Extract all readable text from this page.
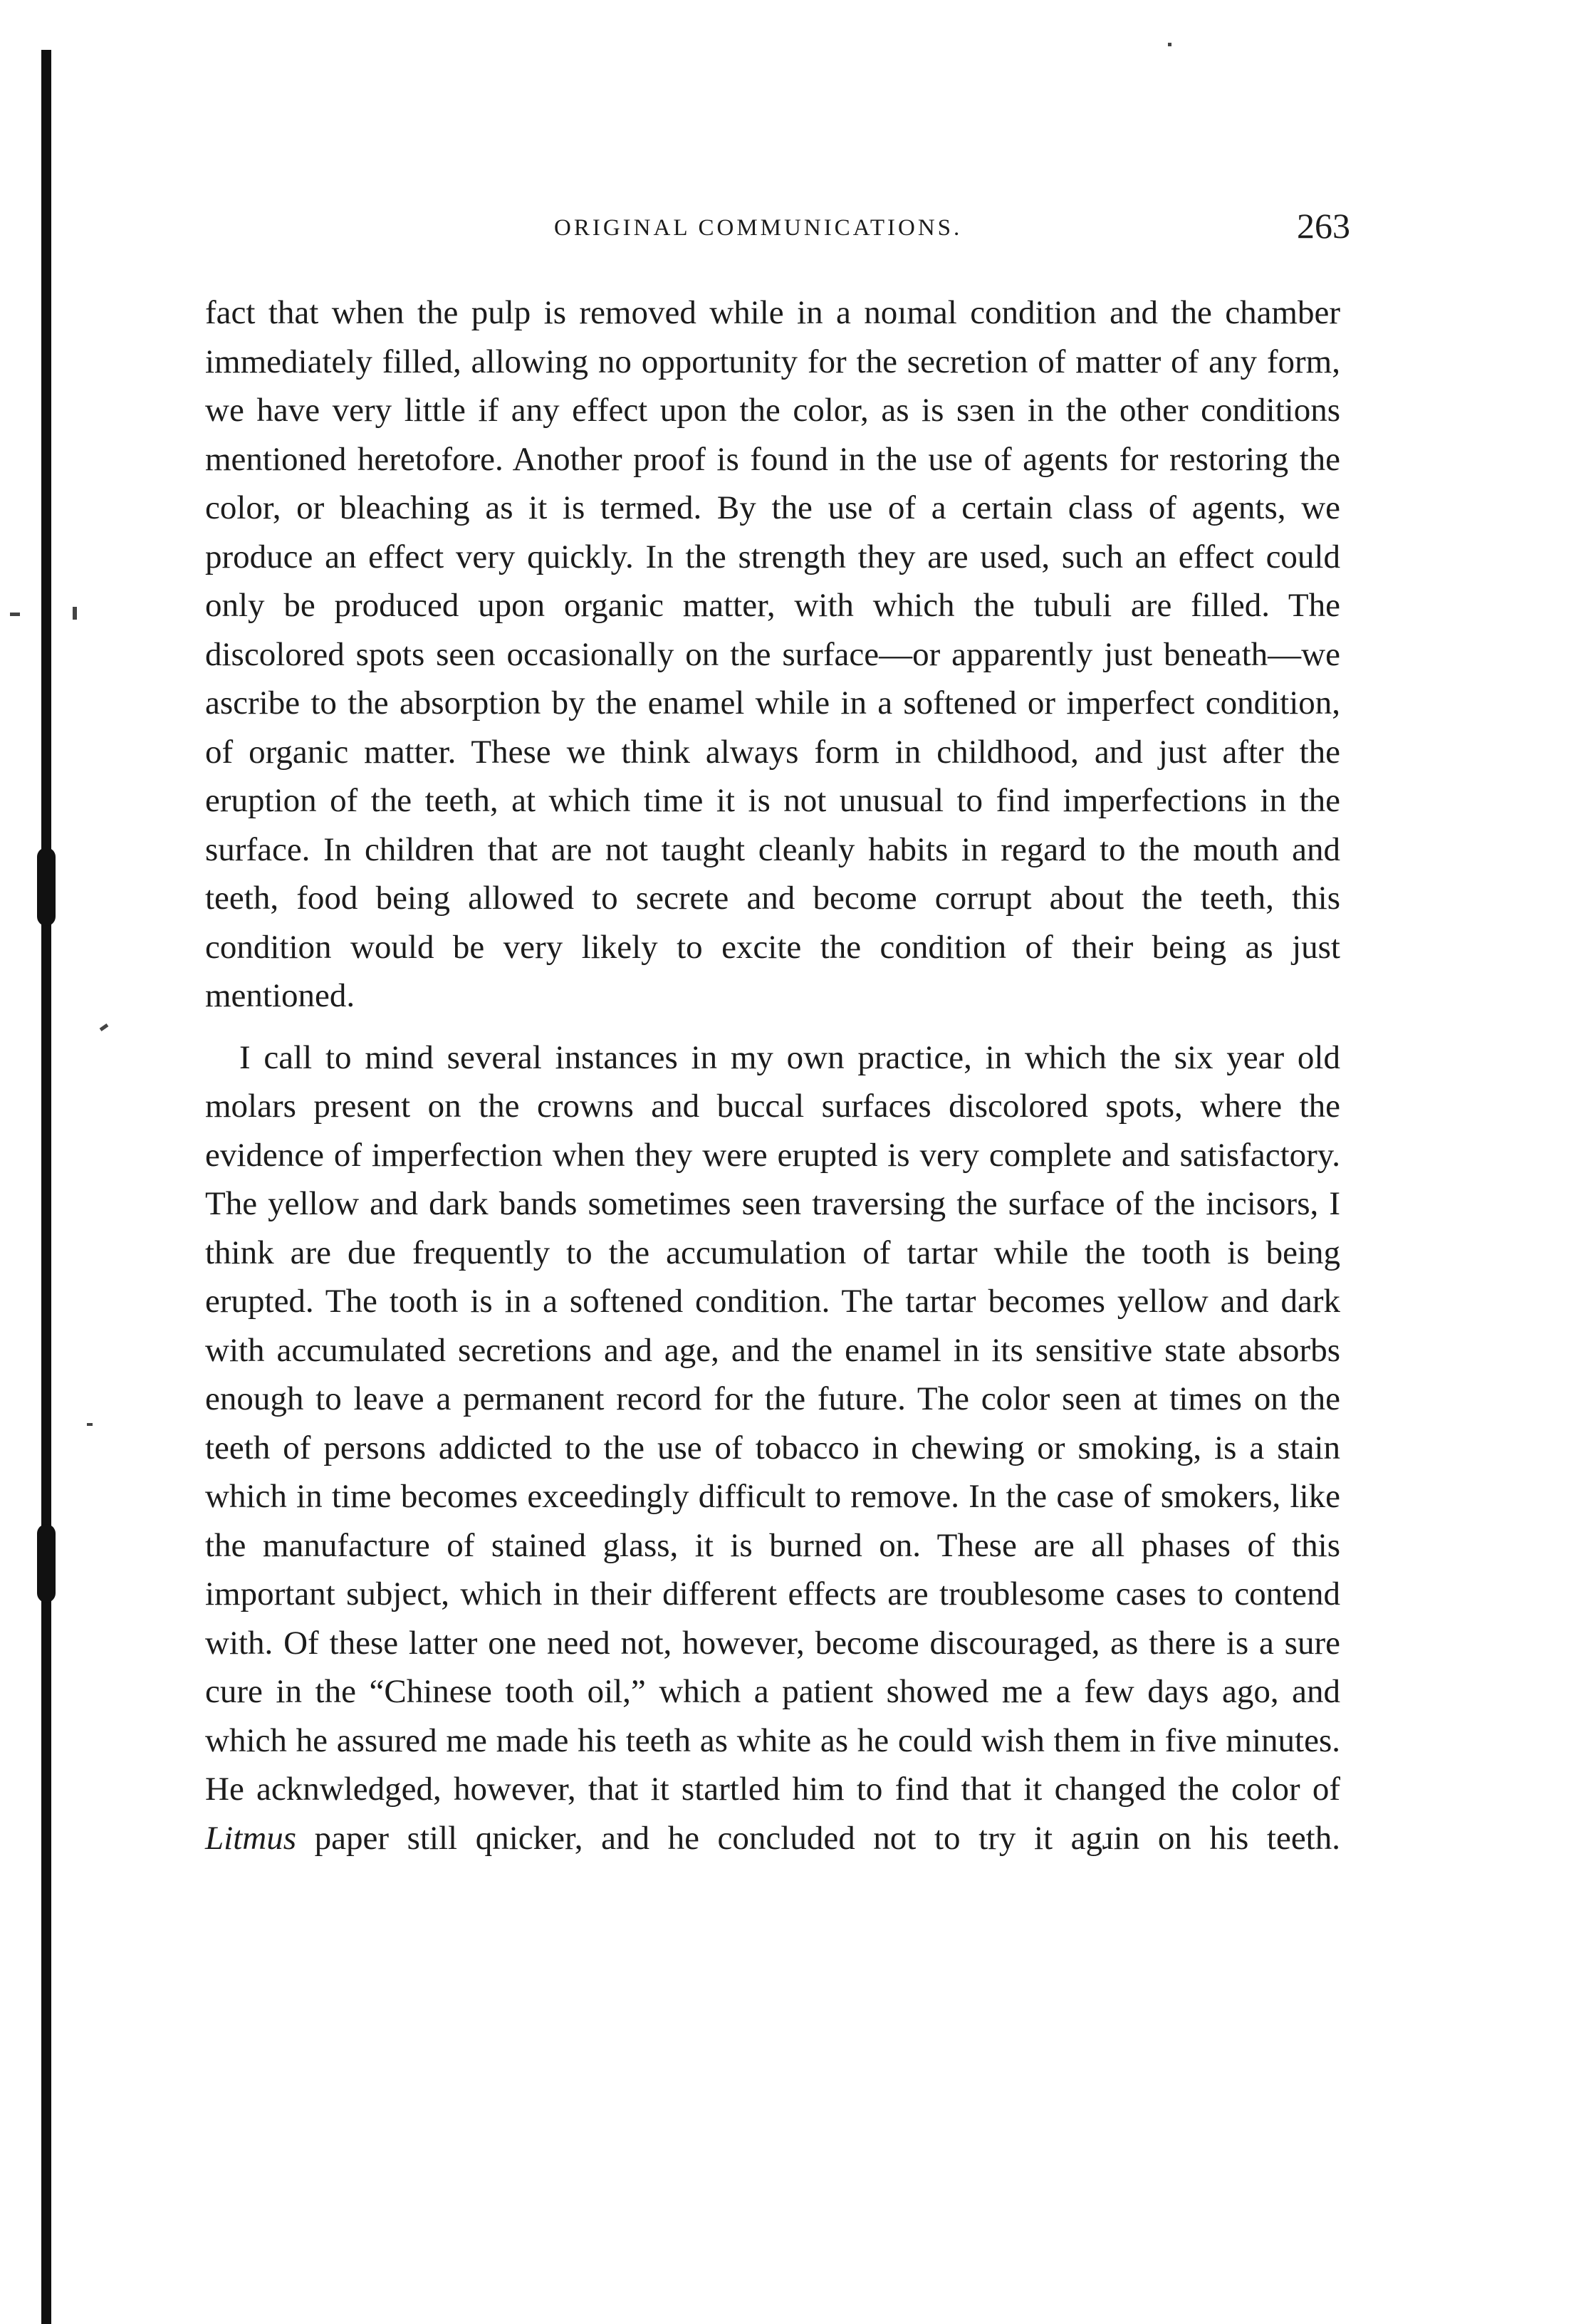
ORIGINAL COMMUNICATIONS.	263

fact that when the pulp is removed while in a noımal condition and the chamber immediately filled, allowing no opportunity for the secretion of matter of any form, we have very little if any effect upon the color, as is sɜen in the other conditions mentioned heretofore. Another proof is found in the use of agents for restoring the color, or bleaching as it is termed. By the use of a certain class of agents, we produce an effect very quickly. In the strength they are used, such an effect could only be produced upon organic matter, with which the tubuli are filled. The discolored spots seen occasionally on the surface—or apparently just beneath—we ascribe to the absorption by the enamel while in a softened or imperfect condition, of organic matter. These we think always form in childhood, and just after the eruption of the teeth, at which time it is not unusual to find imperfections in the surface. In children that are not taught cleanly habits in regard to the mouth and teeth, food being allowed to secrete and become corrupt about the teeth, this condition would be very likely to excite the condition of their being as just mentioned.

I call to mind several instances in my own practice, in which the six year old molars present on the crowns and buccal surfaces discolored spots, where the evidence of imperfection when they were erupted is very complete and satisfactory. The yellow and dark bands sometimes seen traversing the surface of the incisors, I think are due frequently to the accumulation of tartar while the tooth is being erupted. The tooth is in a softened condition. The tartar becomes yellow and dark with accumulated secretions and age, and the enamel in its sensitive state absorbs enough to leave a permanent record for the future. The color seen at times on the teeth of persons addicted to the use of tobacco in chewing or smoking, is a stain which in time becomes exceedingly difficult to remove. In the case of smokers, like the manufacture of stained glass, it is burned on. These are all phases of this important subject, which in their different effects are troublesome cases to contend with. Of these latter one need not, however, become discouraged, as there is a sure cure in the “Chinese tooth oil,” which a patient showed me a few days ago, and which he assured me made his teeth as white as he could wish them in five minutes. He acknwledged, however, that it startled him to find that it changed the color of Litmus paper still qnicker, and he concluded not to try it agɹin on his teeth.
